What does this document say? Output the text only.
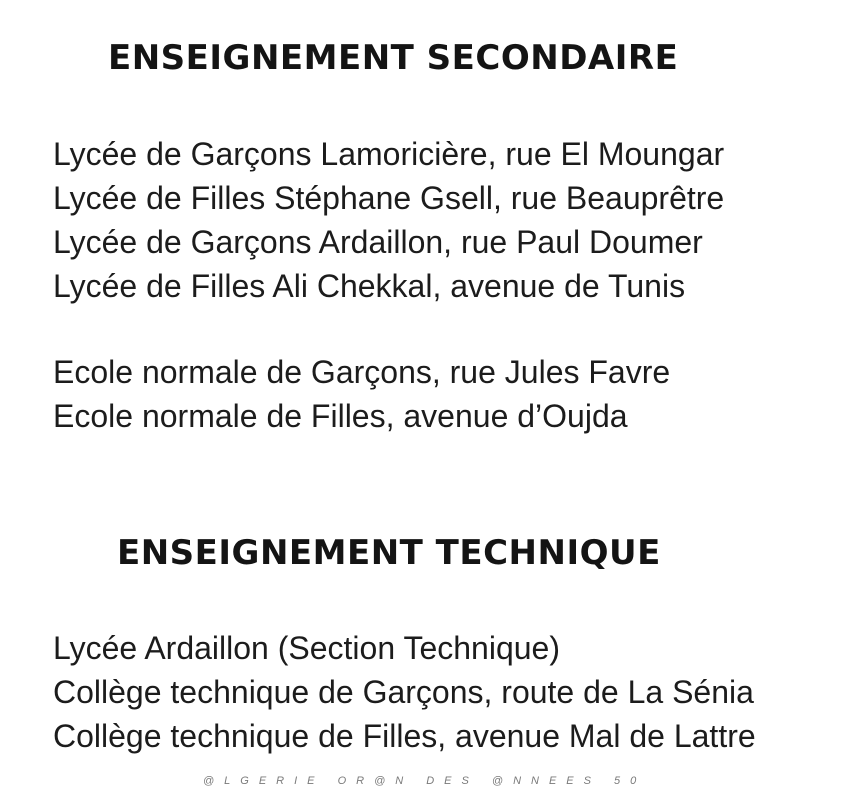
ENSEIGNEMENT SECONDAIRE
Lycée de Garçons Lamoricière, rue El Moungar
Lycée de Filles Stéphane Gsell, rue Beauprêtre
Lycée de Garçons Ardaillon, rue Paul Doumer
Lycée de Filles Ali Chekkal, avenue de Tunis
Ecole normale de Garçons, rue Jules Favre
Ecole normale de Filles, avenue d’Oujda
ENSEIGNEMENT TECHNIQUE
Lycée Ardaillon (Section Technique)
Collège technique de Garçons, route de La Sénia
Collège technique de Filles, avenue Mal de Lattre
@LGERIE OR@N DES @NNEES 50
